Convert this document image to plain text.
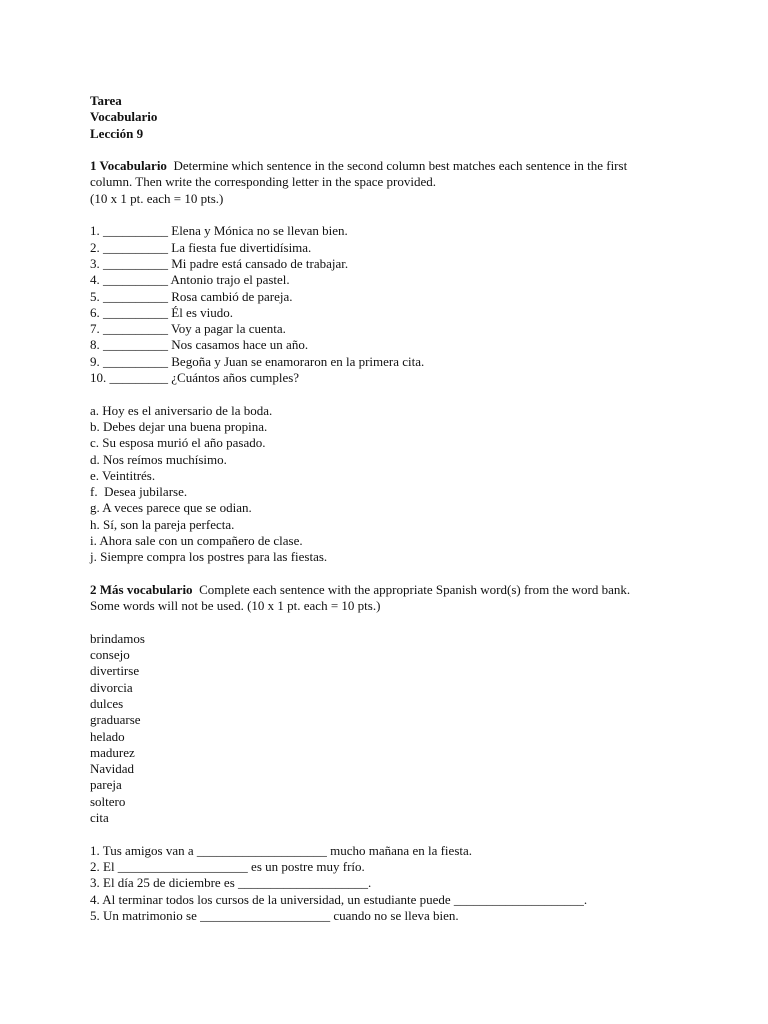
Tarea
Vocabulario
Lección 9
1 Vocabulario  Determine which sentence in the second column best matches each sentence in the first
column. Then write the corresponding letter in the space provided.
(10 x 1 pt. each = 10 pts.)
1. __________ Elena y Mónica no se llevan bien.
2. __________ La fiesta fue divertidísima.
3. __________ Mi padre está cansado de trabajar.
4. __________ Antonio trajo el pastel.
5. __________ Rosa cambió de pareja.
6. __________ Él es viudo.
7. __________ Voy a pagar la cuenta.
8. __________ Nos casamos hace un año.
9. __________ Begoña y Juan se enamoraron en la primera cita.
10. _________ ¿Cuántos años cumples?
a. Hoy es el aniversario de la boda.
b. Debes dejar una buena propina.
c. Su esposa murió el año pasado.
d. Nos reímos muchísimo.
e. Veintitrés.
f.  Desea jubilarse.
g. A veces parece que se odian.
h. Sí, son la pareja perfecta.
i. Ahora sale con un compañero de clase.
j. Siempre compra los postres para las fiestas.
2 Más vocabulario  Complete each sentence with the appropriate Spanish word(s) from the word bank.
Some words will not be used. (10 x 1 pt. each = 10 pts.)
brindamos
consejo
divertirse
divorcia
dulces
graduarse
helado
madurez
Navidad
pareja
soltero
cita
1. Tus amigos van a ____________________ mucho mañana en la fiesta.
2. El ____________________ es un postre muy frío.
3. El día 25 de diciembre es ____________________.
4. Al terminar todos los cursos de la universidad, un estudiante puede ____________________.
5. Un matrimonio se ____________________ cuando no se lleva bien.
